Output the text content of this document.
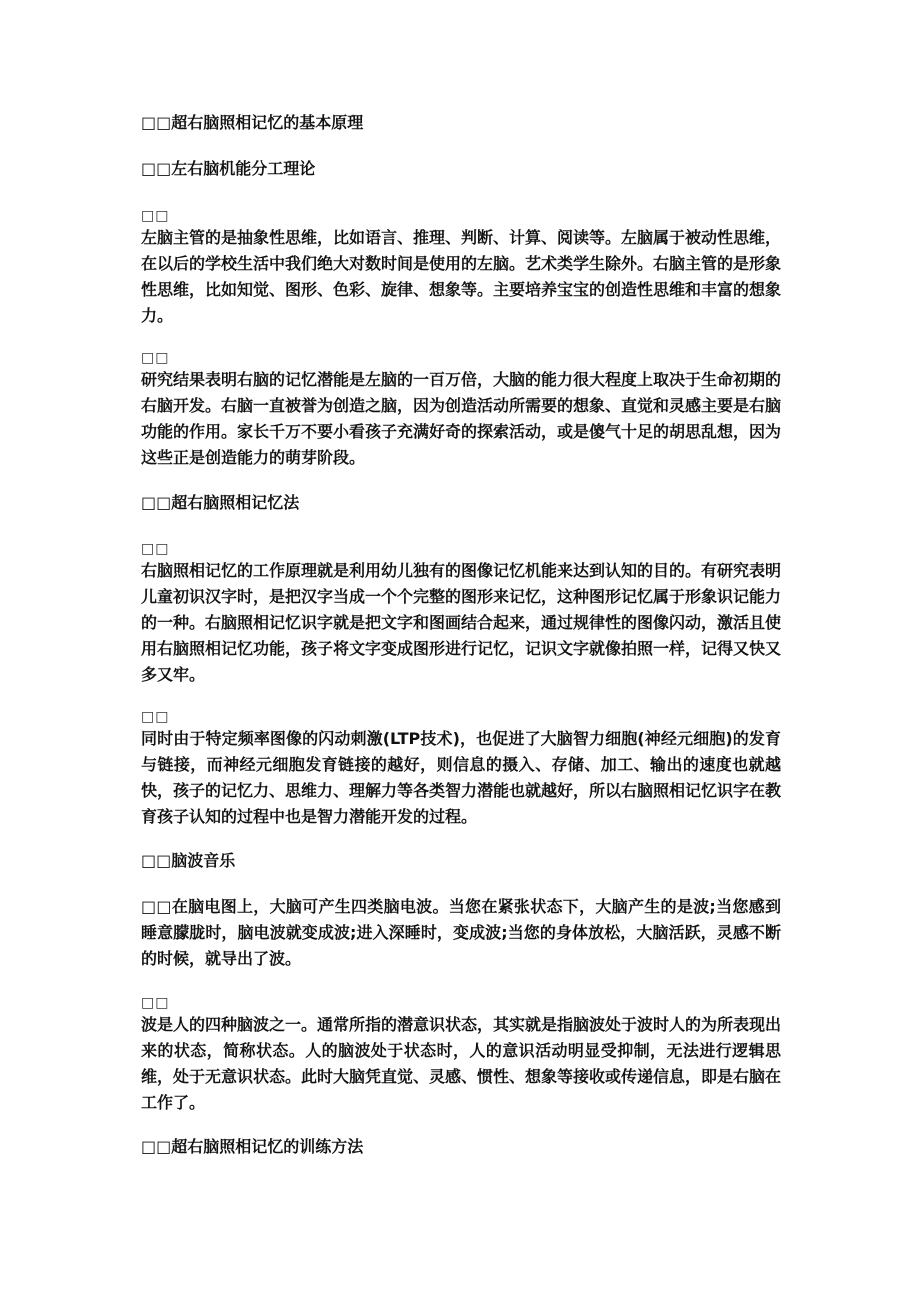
□□超右脑照相记忆的基本原理
□□左右脑机能分工理论
□□
左脑主管的是抽象性思维，比如语言、推理、判断、计算、阅读等。左脑属于被动性思维，在以后的学校生活中我们绝大对数时间是使用的左脑。艺术类学生除外。右脑主管的是形象性思维，比如知觉、图形、色彩、旋律、想象等。主要培养宝宝的创造性思维和丰富的想象力。
□□
研究结果表明右脑的记忆潜能是左脑的一百万倍，大脑的能力很大程度上取决于生命初期的右脑开发。右脑一直被誉为创造之脑，因为创造活动所需要的想象、直觉和灵感主要是右脑功能的作用。家长千万不要小看孩子充满好奇的探索活动，或是傻气十足的胡思乱想，因为这些正是创造能力的萌芽阶段。
□□超右脑照相记忆法
□□
右脑照相记忆的工作原理就是利用幼儿独有的图像记忆机能来达到认知的目的。有研究表明儿童初识汉字时，是把汉字当成一个个完整的图形来记忆，这种图形记忆属于形象识记能力的一种。右脑照相记忆识字就是把文字和图画结合起来，通过规律性的图像闪动，激活且使用右脑照相记忆功能，孩子将文字变成图形进行记忆，记识文字就像拍照一样，记得又快又多又牢。
□□
同时由于特定频率图像的闪动刺激(LTP技术)，也促进了大脑智力细胞(神经元细胞)的发育与链接，而神经元细胞发育链接的越好，则信息的摄入、存储、加工、输出的速度也就越快，孩子的记忆力、思维力、理解力等各类智力潜能也就越好，所以右脑照相记忆识字在教育孩子认知的过程中也是智力潜能开发的过程。
□□脑波音乐
□□在脑电图上，大脑可产生四类脑电波。当您在紧张状态下，大脑产生的是波;当您感到睡意朦胧时，脑电波就变成波;进入深睡时，变成波;当您的身体放松，大脑活跃，灵感不断的时候，就导出了波。
□□
波是人的四种脑波之一。通常所指的潜意识状态，其实就是指脑波处于波时人的为所表现出来的状态，简称状态。人的脑波处于状态时，人的意识活动明显受抑制，无法进行逻辑思维，处于无意识状态。此时大脑凭直觉、灵感、惯性、想象等接收或传递信息，即是右脑在工作了。
□□超右脑照相记忆的训练方法
